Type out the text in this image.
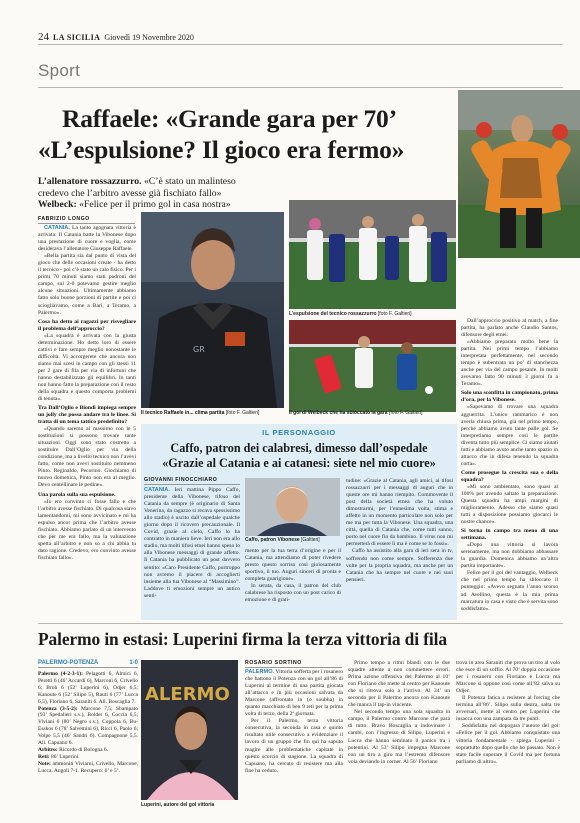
24 LA SICILIA Giovedì 19 Novembre 2020
Sport
Raffaele: «Grande gara per 70’
«L’espulsione? Il gioco era fermo»
L’allenatore rossazzurro. «C’è stato un malinteso
credevo che l’arbitro avesse già fischiato fallo»
Welbeck: «Felice per il primo gol in casa nostra»
FABRIZIO LONGO

CATANIA. La tanto agognata vittoria è arrivata: Il Catania batte la Vibonese dopo una prestazione di cuore e voglia, come desiderava l’allenatore Giuseppe Raffaele.

«Bella partita sia dal punto di vista del gioco che delle occasioni create - ha detto il tecnico - poi c’è stato un calo fisico. Per i primi 70 minuti siamo stati padroni del campo, sul 2-0 potevamo gestire meglio alcune situazioni. Ultimamente abbiamo fatto solo buone porzioni di partite e poi ci sciogliavamo, come a Bari, a Teramo, a Palermo».

Cosa ha detto ai ragazzi per risvegliare il problema dell’approccio?

«La squadra è arrivata con la giusta determinazione. Ho detto loro di essere cattivi e fare sempre meglio nonostante le difficoltà. Vi accorgerete che ancora non siamo mai scesi in campo con gli stessi 11 per 2 gare di fila per via di infortuni che hanno destabilizzato gli equilibri. In tanti non hanno fatto la preparazione con il resto della squadra e questo comporta problemi di tenuta».

Tra Dall’Oglio e Biondi impiega sempre un jolly che possa andare tra le linee. Si tratta di un tema tattico predefinito?

«Quando saremo al massimo con le 5 sostituzioni si possono trovare tante situazioni. Oggi sono stato costretto a sostituire Dall’Oglio per via della condizione, ma a livello tecnico non l’avevi fatto, come non avevi sostituito nemmeno Pinto. Reginaldo, Pecorino. Giochiamo di nuovo domenica, Pinto non era al meglio. Devo centellinare le pedine».

Una parola sulla sua espulsione.

«Io ero convinto ci fosse fallo e che l’arbitro avesse fischiato. Di qualcosa stavo lamentandomi, mi sono avvicinato e mi ha espulso ancor prima che l’arbitro avesse fischiato. Abbiamo parlato di un intervento che per me era fallo, ma la valutazione spetta all’arbitro e non so a chi abbia tu dato ragione. Credevo, ero convinto avesse fischiato fallo».

GR
Il tecnico Raffaele in... clima partita [foto F. Galtieri]
L’espulsione del tecnico rossazzurro [foto F. Galtieri]

Dall’approccio positivo al match, a fine partita, ha parlato anche Claudio Santos, difensore degli etnei:

«Abbiamo preparato molto bene la partita. Nei primi tempo l’abbiamo interpretata perfettamente, nel secondo tempo è subentrata un po’ di stanchezza anche per via del campo pesante. In molti avevamo fatto 90 minuti 3 giorni fa a Teramo».

Solo una sconfitta in campionato, prima d’ora, per la Vibonese.

«Sapevamo di trovare una squadra agguerrita. L’unico rammarico è non averla chiusa prima, già nel primo tempo, perché abbiamo avuto tante palle gol. Se interpretiamo sempre così le partite diventa tutto più semplice. Ci siamo aiutati tutti e abbiamo avuto anche tanto spazio in attacco che in difesa tenendo la squadra corta».

Come prosegue la crescita sua e della squadra?

«Mi sono ambientato, sono quasi al 100% per avendo saltato la preparazione. Questa squadra ha ampi margini di miglioramento. Adesso che siamo quasi tutti a disposizione possiamo giocarci le nostre chance».

Si torna in campo tra meno di una settimana.

«Dopo una vittoria si lavora serenamente, ma non dobbiamo abbassare la guardia. Domenica abbiamo un’altra partita importante».

Felice per il gol del vantaggio, Welbeck che nel primo tempo ha sbloccato il punteggio: «Avevo segnato l’anno scorso ad Avellino, questa è la mia prima marcatura in casa e visto che è servita sono soddisfatto».

Il gol di Welbeck che ha sbloccato la gara [foto F. Galtieri]
IL PERSONAGGIO
Caffo, patron dei calabresi, dimesso dall’ospedale
«Grazie al Catania e ai catanesi: siete nel mio cuore»
GIOVANNI FINOCCHIARO

CATANIA. Ieri mattina Pippo Caffo, presidente della Vibonese, tifoso del Catania da sempre (è originario di Santa Venerina, da ragazzo si recava spessissimo allo stadio) è uscito dall’ospedale qualche giorno dopo il ricovero precauzionale. Il Covid, grazie al cielo, Caffo lo ha contratto in maniera lieve. Ieri non era allo stadio, ma molti tifosi etnei hanno speso lo alla Vibonese messaggi di grande affetto. Il Catania ha pubblicato un post davvero sentito: «Caro Presidente Caffo, purtroppo non avremo il piacere di accoglierti insieme alla tua Vibonese al “Massimino”. Laddove ti emozioni sempre un antico senti-

Caffo, patron Vibonese [Galtieri]

mento per la tua terra d’origine e per il Catania, ma attendiamo di poter rivedere presto questo sorriso così gioiosamente sportivo, il tuo. Auguri sinceri di pronta e completa guarigione».

In serata, da casa, il patron del club calabrese ha risposto con un post carico di emozione e di grati-

tudine: «Grazie al Catania, agli amici, ai tifosi rossazzurri per i messaggi di auguri che in queste ore mi hanno riempito. Commovente il post della società etnea che ha voluto dimostrarmi, per l’ennesima volta, stima e affetto in un momento particolare non solo per me ma per tutta la Vibonese. Una squadra, una città, quella di Catania che, come tutti sanno, porto nel cuore fin da bambino. Il virus non mi permetterà di essere lì ma è come se lo fossi».

Caffo ha assistito alla gara di ieri sera in tv, soffrendo non come sempre. Sofferenza due volte per la propria squadra, ma anche per un Catania che ha sempre nel cuore e nei suoi pensieri.

Palermo in estasi: Luperini firma la terza vittoria di fila
PALERMO-POTENZA	1-0

Palermo (4-2-3-1): Pelagotti 6, Almici 6, Peretti 6 (46’ Accardi 6), Marconi 6, Crivello 6; Broh 6 (52’ Luperini 6), Odjer 6,5; Kanoute 6 (52’ Silipo 5), Rauti 6 (77’ Lucca 6,5), Floriano 6, Saraniti 6. All. Boscaglia 7.

Potenza (3-5-2): Marcone 7,5; Sbampato (93’ Spedalieri s.v.), Bolder 6, Coccia 6,5; Viviani 6 (80’ Negro s.v.), Coppola 6, Bu-Esskos 6 (78’ Salvemini 6), Ricci 6, Paolo 6; Volpe 5,5 (46’ Sandri 6). Compagnone 5,5. All. Capuano 6.

Arbitro: Ricordo di Bologna 6.

Reti: 86’ Luperini.

Note: ammoniti Viviarni, Crivello, Marcone, Lucca. Angoli 7-1. Recupero: 0’ e 5’.

ALERMO
Luperini, autore del gol vittoria
ROSARIO SORTINO

PALERMO. Vittoria sofferta per i rosanero che battono il Potenza con un gol all’86 di Luperini al termine di una partita giocata all’attacco e in più occasioni salvata da Marcone (affrontato in (o soubha) in quanto macchiato di ben 9 reti per la prima volta di terzo, della 2ª giornata.

Per il Palermo, terza vittoria consecutiva, la seconda in casa e quinto risultato utile consecutivo a evidenziare il lavoro di un gruppo che fin qui ha saputo reagire alle problematiche capitate in questo scorcio di stagione. La squadra di Capuano, ha cercato di resistere ma alla fine ha ceduto.

Primo tempo a ritmi blandi con le due squadre attente a non commettere errori. Prima azione offensiva del Palermo al 10’ con Floriano che mette al centro per Kanoute che si ritrova solo a l’arrivo. Al 34’ un secondo per il Palermo ancora con Kanoute che manca il tap-in vincente.

Nel secondo tempo una sola squadra in campo, il Palermo contro Marcone che para di tutto. Bravo Boscaglia a indovinare i cambi, con l’ingresso di Silipo, Luperini e Lucca che hanno seminato il panico tra i potentini. Al 53’ Silipo impegna Marcone con un tiro a giro ma l’estremo difensore vola deviando in corner. Al 56’ Floriano

trova in area Saraniti che prova un tiro al volo che esce di un soffio. Al 70’ doppia occasione per i rosanero con Floriano e Lucca ma Marcone si oppone così come all’82 salva su Odjer.

Il Potenza fatica a resistere al forcing che termina all’86’. Silipo sulla destra, salta tre avversari, mette al centro per Luperini che insacca con una zampata da tre punti.

Soddisfatto nel dopogara l’autore del gol: «Felice per il gol. Abbiamo conquistato una vittoria fondamentale - spiega Luperini - soprattutto dopo quello che ho passato. Non è stato facile superare il Covid ma per fortuna parliamo di altro».
